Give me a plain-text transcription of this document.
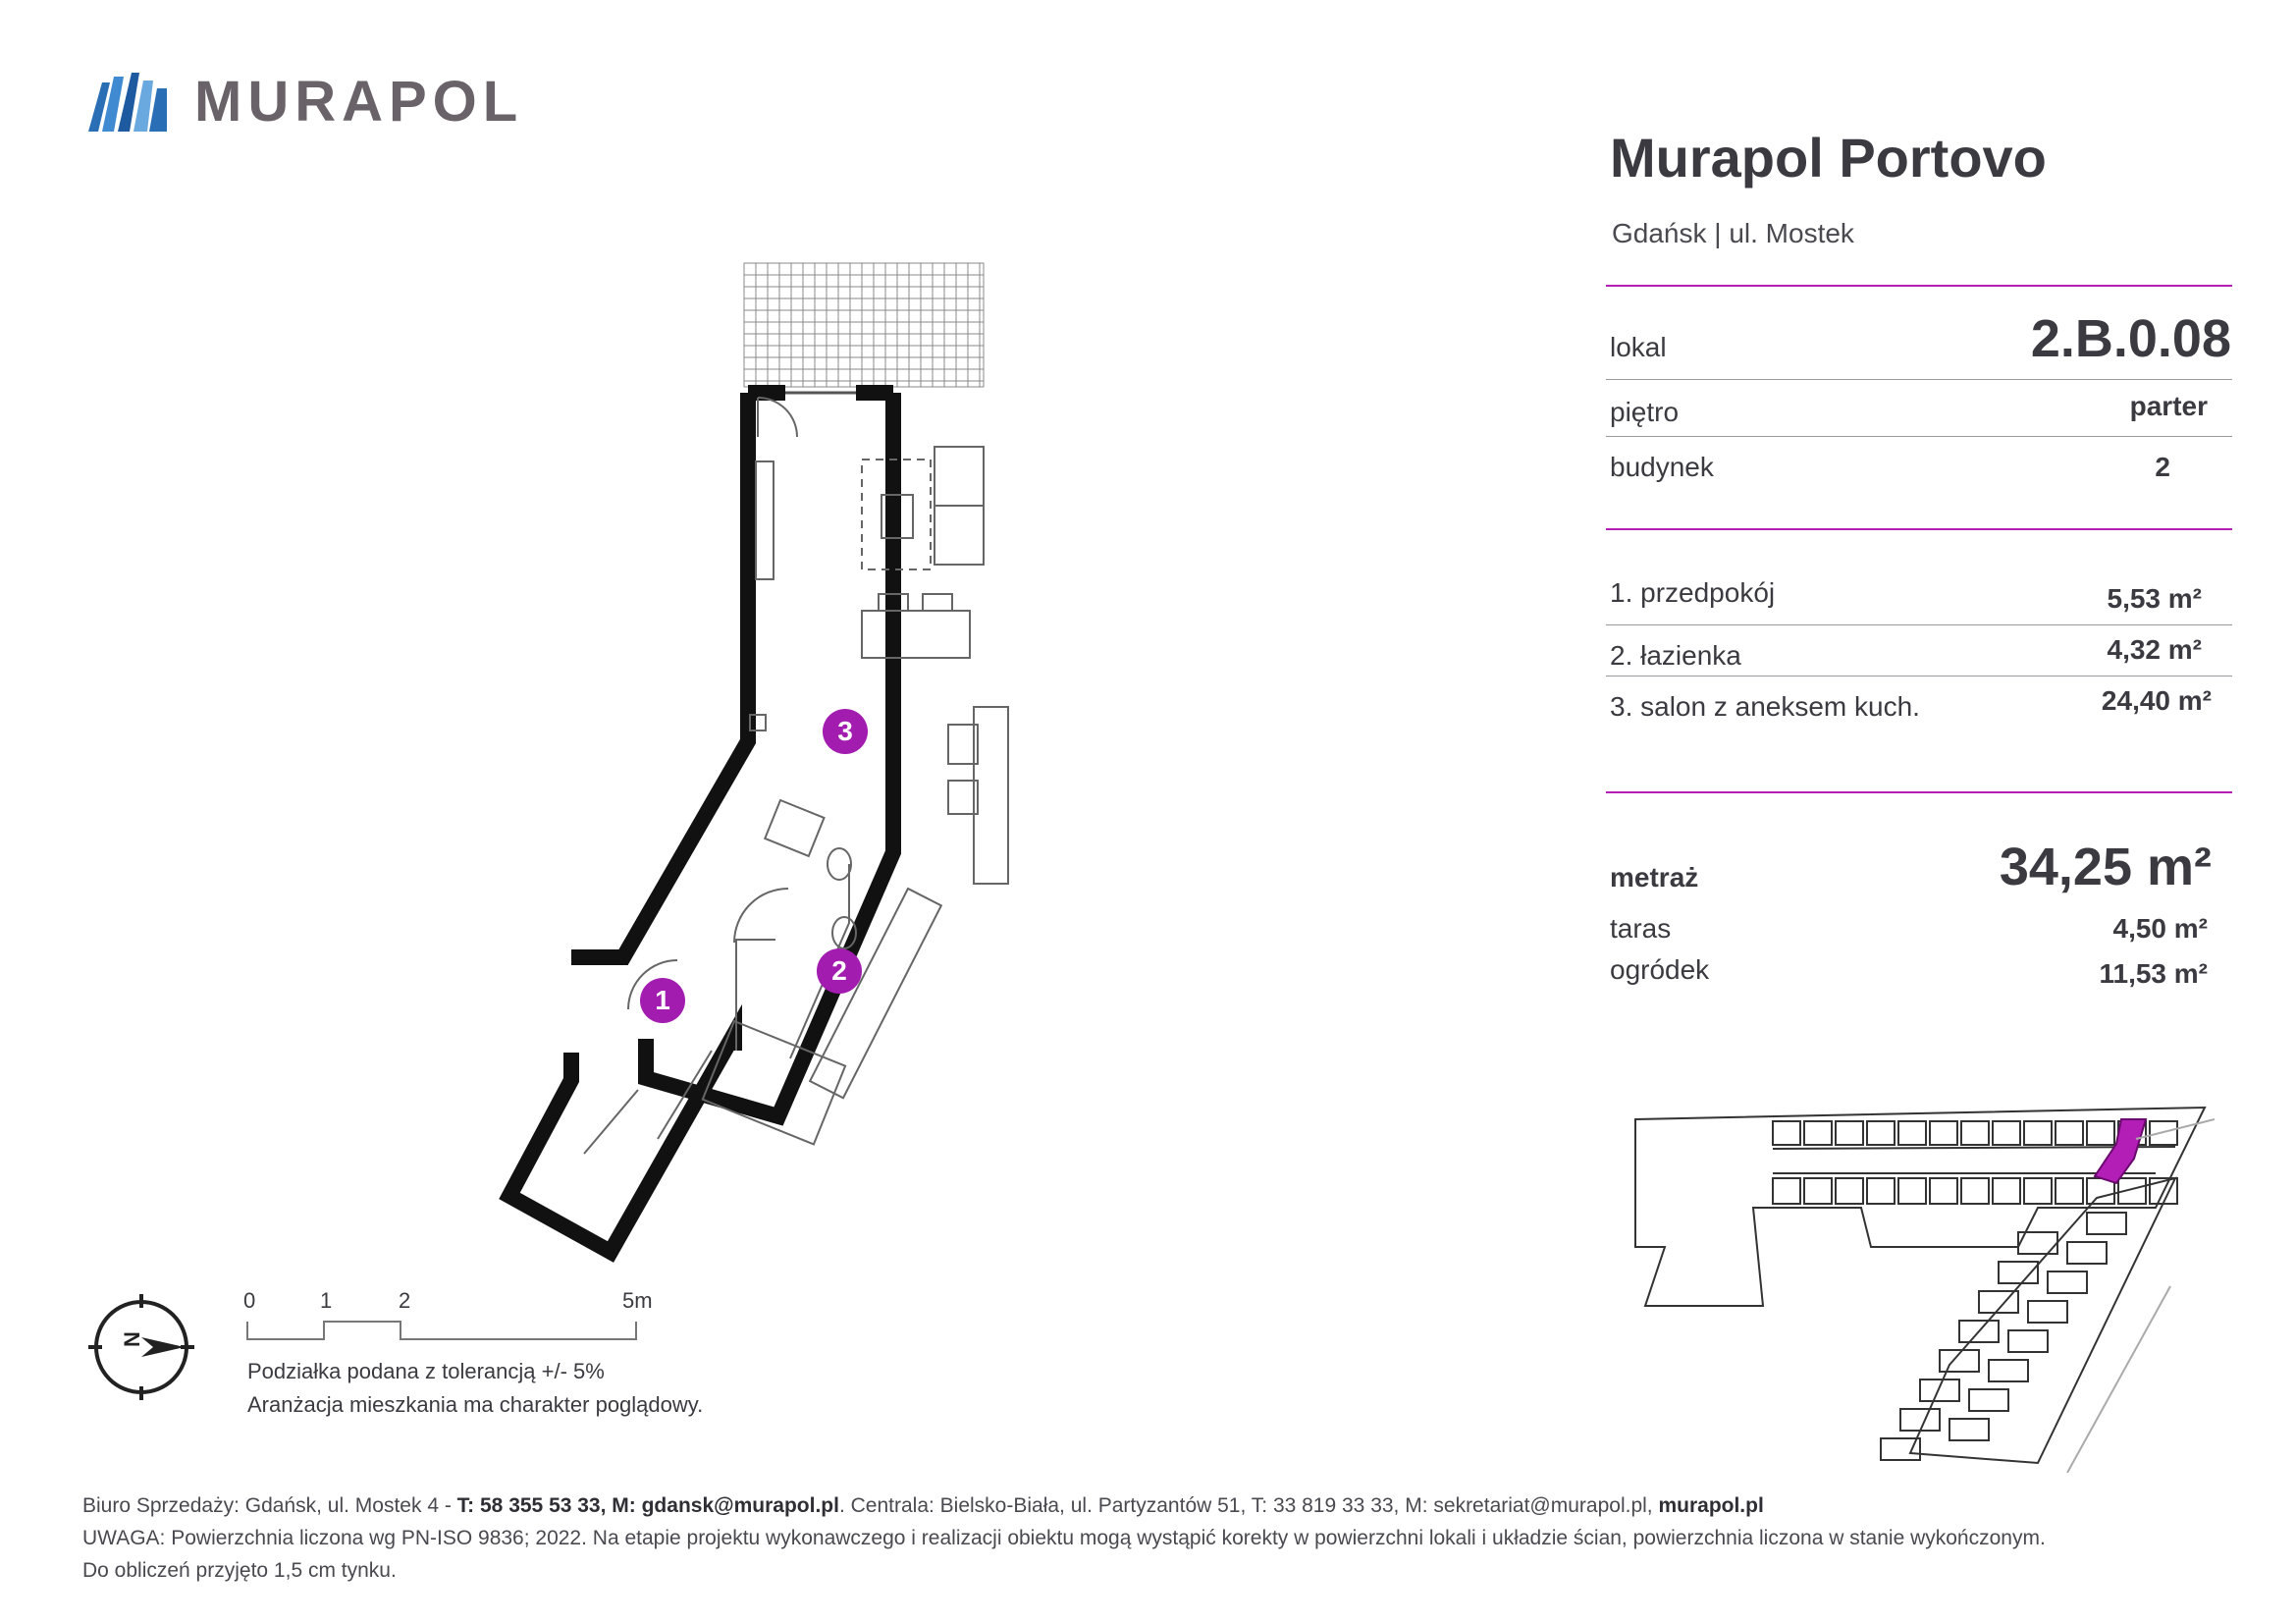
MURAPOL
1
2
3
N
0	1	2	5m
Podziałka podana z tolerancją +/- 5%
Aranżacja mieszkania ma charakter poglądowy.
Murapol Portovo
Gdańsk | ul. Mostek
lokal	2.B.0.08
piętro	parter
budynek	2
1. przedpokój	5,53 m²
2. łazienka	4,32 m²
3. salon z aneksem kuch.	24,40 m²
metraż	34,25 m²
taras	4,50 m²
ogródek	11,53 m²
Biuro Sprzedaży: Gdańsk, ul. Mostek 4 - T: 58 355 53 33, M: gdansk@murapol.pl. Centrala: Bielsko-Biała, ul. Partyzantów 51, T: 33 819 33 33, M: sekretariat@murapol.pl, murapol.pl
UWAGA: Powierzchnia liczona wg PN-ISO 9836; 2022. Na etapie projektu wykonawczego i realizacji obiektu mogą wystąpić korekty w powierzchni lokali i układzie ścian, powierzchnia liczona w stanie wykończonym.
Do obliczeń przyjęto 1,5 cm tynku.
